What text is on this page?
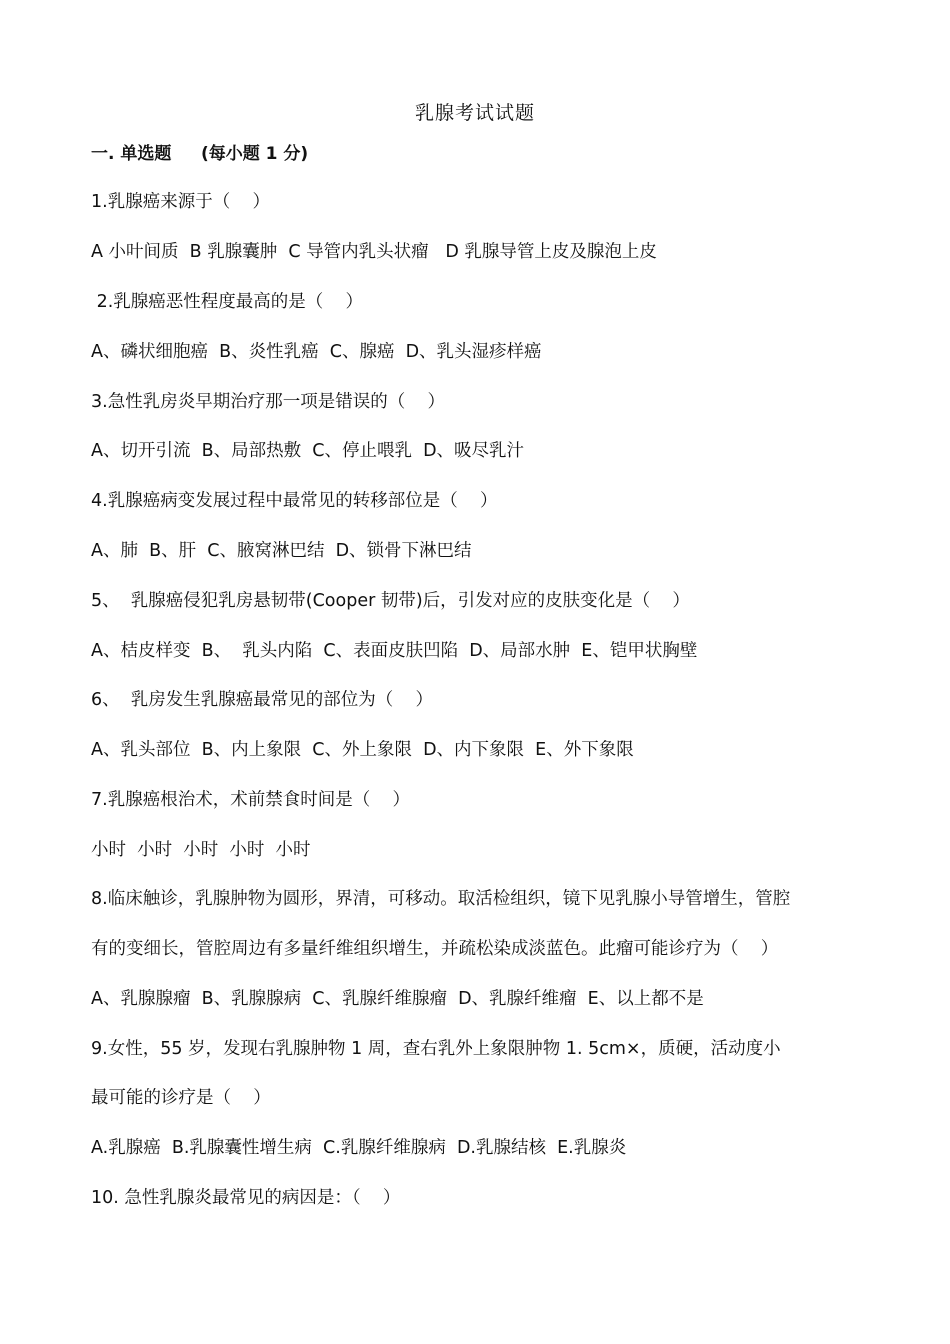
乳腺考试试题
一. 单选题     (每小题 1 分)
1.乳腺癌来源于（    ）
A 小叶间质  B 乳腺囊肿  C 导管内乳头状瘤   D 乳腺导管上皮及腺泡上皮
2.乳腺癌恶性程度最高的是（    ）
A、磷状细胞癌  B、炎性乳癌  C、腺癌  D、乳头湿疹样癌
3.急性乳房炎早期治疗那一项是错误的（    ）
A、切开引流  B、局部热敷  C、停止喂乳  D、吸尽乳汁
4.乳腺癌病变发展过程中最常见的转移部位是（    ）
A、肺  B、肝  C、腋窝淋巴结  D、锁骨下淋巴结
5、  乳腺癌侵犯乳房悬韧带(Cooper 韧带)后，引发对应的皮肤变化是（    ）
A、桔皮样变  B、  乳头内陷  C、表面皮肤凹陷  D、局部水肿  E、铠甲状胸壁
6、  乳房发生乳腺癌最常见的部位为（    ）
A、乳头部位  B、内上象限  C、外上象限  D、内下象限  E、外下象限
7.乳腺癌根治术，术前禁食时间是（    ）
小时  小时  小时  小时  小时
8.临床触诊，乳腺肿物为圆形，界清，可移动。取活检组织，镜下见乳腺小导管增生，管腔
有的变细长，管腔周边有多量纤维组织增生，并疏松染成淡蓝色。此瘤可能诊疗为（    ）
A、乳腺腺瘤  B、乳腺腺病  C、乳腺纤维腺瘤  D、乳腺纤维瘤  E、以上都不是
9.女性，55 岁，发现右乳腺肿物 1 周，查右乳外上象限肿物 1. 5cm×，质硬，活动度小
最可能的诊疗是（    ）
A.乳腺癌  B.乳腺囊性增生病  C.乳腺纤维腺病  D.乳腺结核  E.乳腺炎
10. 急性乳腺炎最常见的病因是：（    ）
